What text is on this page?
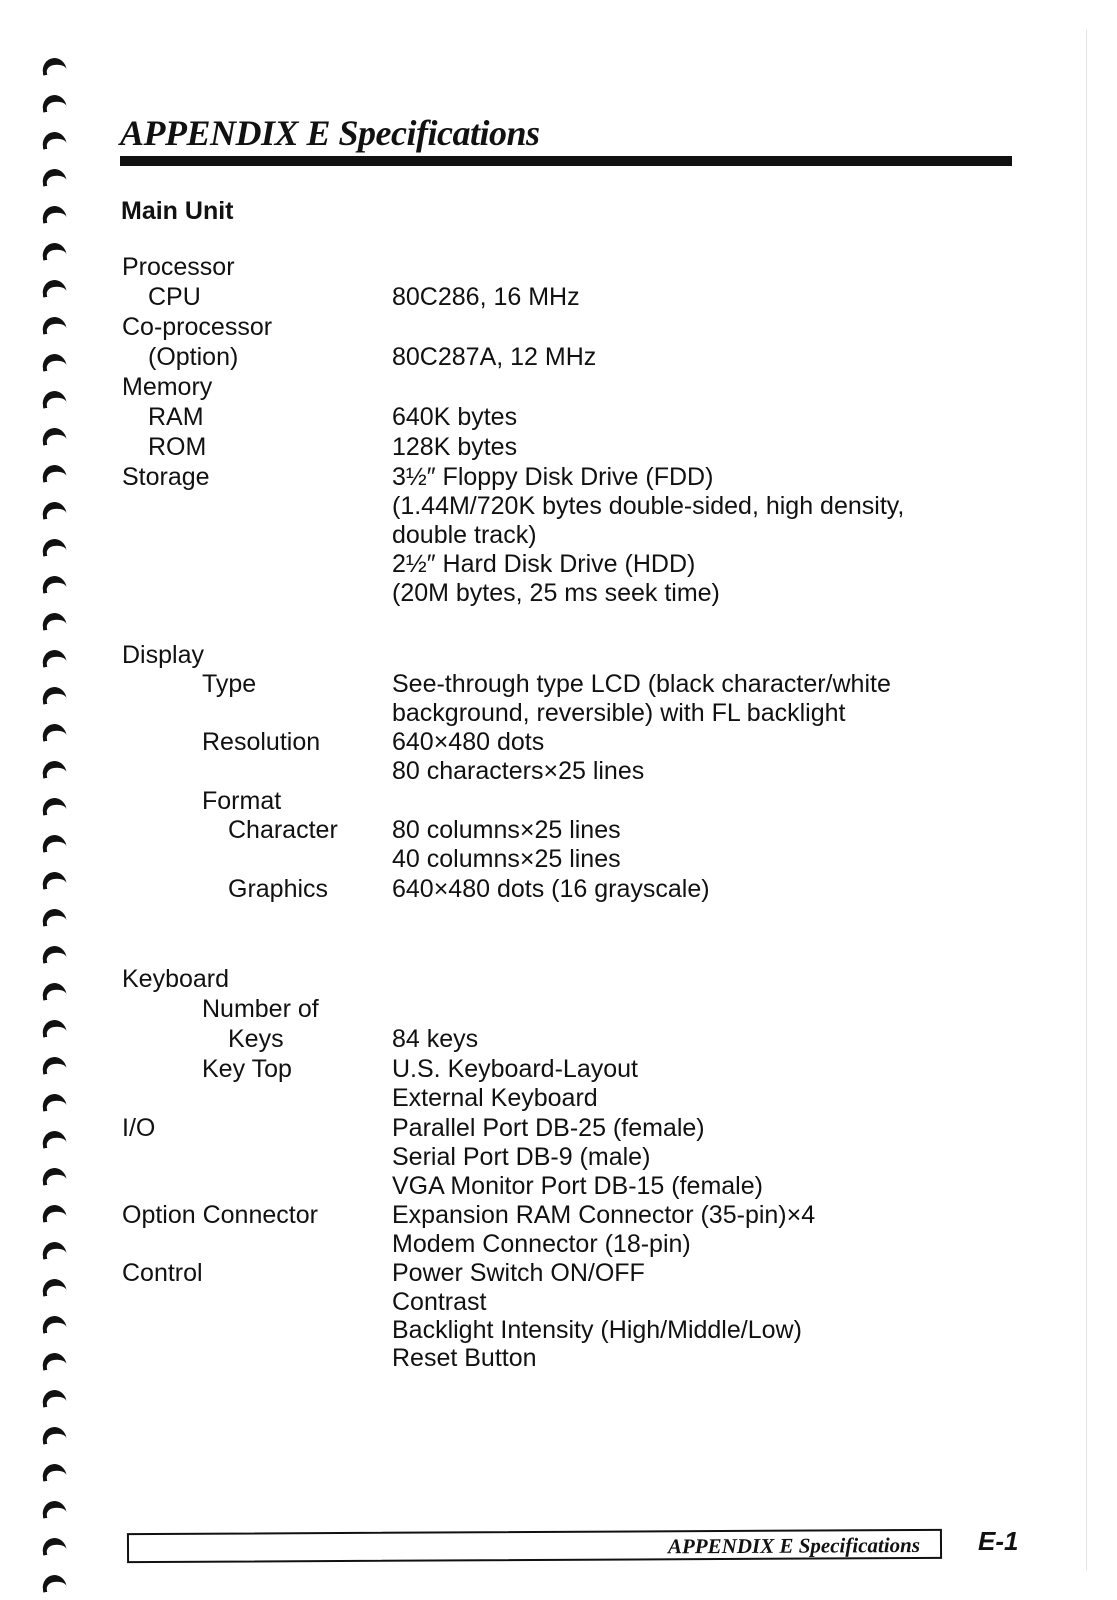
APPENDIX E Specifications
Main Unit
Processor
CPU	80C286, 16 MHz
Co-processor
(Option)	80C287A, 12 MHz
Memory
RAM	640K bytes
ROM	128K bytes
Storage	3½″ Floppy Disk Drive (FDD)
(1.44M/720K bytes double-sided, high density,
double track)
2½″ Hard Disk Drive (HDD)
(20M bytes, 25 ms seek time)
Display
Type	See-through type LCD (black character/white
background, reversible) with FL backlight
Resolution	640×480 dots
80 characters×25 lines
Format
Character 80 columns×25 lines
40 columns×25 lines
Graphics	640×480 dots (16 grayscale)
Keyboard
Number of
Keys	84 keys
Key Top	U.S. Keyboard-Layout
External Keyboard
I/O	Parallel Port DB-25 (female)
Serial Port DB-9 (male)
VGA Monitor Port DB-15 (female)
Option Connector	Expansion RAM Connector (35-pin)×4
Modem Connector (18-pin)
Control	Power Switch ON/OFF
Contrast
Backlight Intensity (High/Middle/Low)
Reset Button
APPENDIX E Specifications E-1
